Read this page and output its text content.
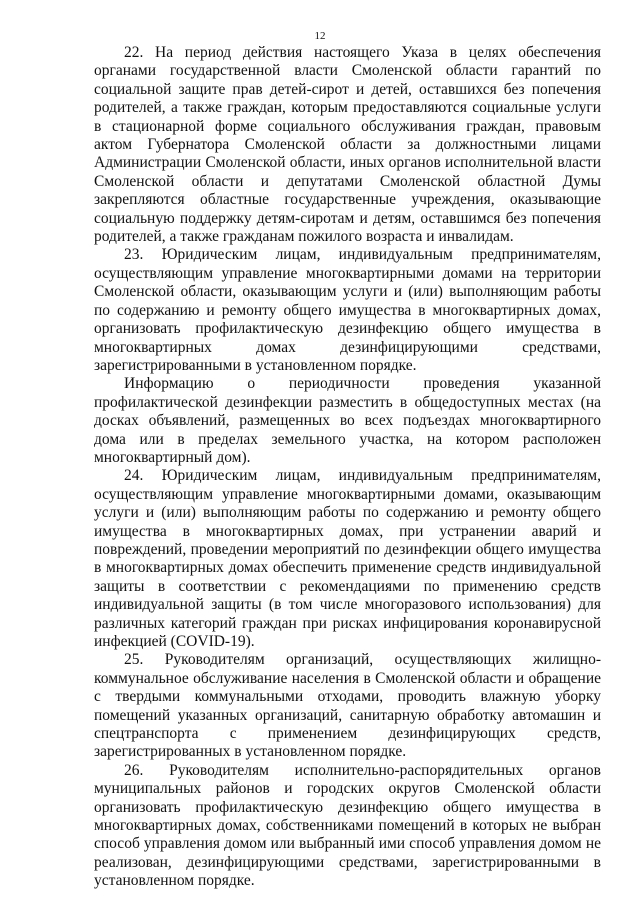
12

22. На период действия настоящего Указа в целях обеспечения органами государственной власти Смоленской области гарантий по социальной защите прав детей-сирот и детей, оставшихся без попечения родителей, а также граждан, которым предоставляются социальные услуги в стационарной форме социального обслуживания граждан, правовым актом Губернатора Смоленской области за должностными лицами Администрации Смоленской области, иных органов исполнительной власти Смоленской области и депутатами Смоленской областной Думы закрепляются областные государственные учреждения, оказывающие социальную поддержку детям-сиротам и детям, оставшимся без попечения родителей, а также гражданам пожилого возраста и инвалидам.

23. Юридическим лицам, индивидуальным предпринимателям, осуществляющим управление многоквартирными домами на территории Смоленской области, оказывающим услуги и (или) выполняющим работы по содержанию и ремонту общего имущества в многоквартирных домах, организовать профилактическую дезинфекцию общего имущества в многоквартирных домах дезинфицирующими средствами, зарегистрированными в установленном порядке.

Информацию о периодичности проведения указанной профилактической дезинфекции разместить в общедоступных местах (на досках объявлений, размещенных во всех подъездах многоквартирного дома или в пределах земельного участка, на котором расположен многоквартирный дом).

24. Юридическим лицам, индивидуальным предпринимателям, осуществляющим управление многоквартирными домами, оказывающим услуги и (или) выполняющим работы по содержанию и ремонту общего имущества в многоквартирных домах, при устранении аварий и повреждений, проведении мероприятий по дезинфекции общего имущества в многоквартирных домах обеспечить применение средств индивидуальной защиты в соответствии с рекомендациями по применению средств индивидуальной защиты (в том числе многоразового использования) для различных категорий граждан при рисках инфицирования коронавирусной инфекцией (COVID-19).

25. Руководителям организаций, осуществляющих жилищно-коммунальное обслуживание населения в Смоленской области и обращение с твердыми коммунальными отходами, проводить влажную уборку помещений указанных организаций, санитарную обработку автомашин и спецтранспорта с применением дезинфицирующих средств, зарегистрированных в установленном порядке.

26. Руководителям исполнительно-распорядительных органов муниципальных районов и городских округов Смоленской области организовать профилактическую дезинфекцию общего имущества в многоквартирных домах, собственниками помещений в которых не выбран способ управления домом или выбранный ими способ управления домом не реализован, дезинфицирующими средствами, зарегистрированными в установленном порядке.
